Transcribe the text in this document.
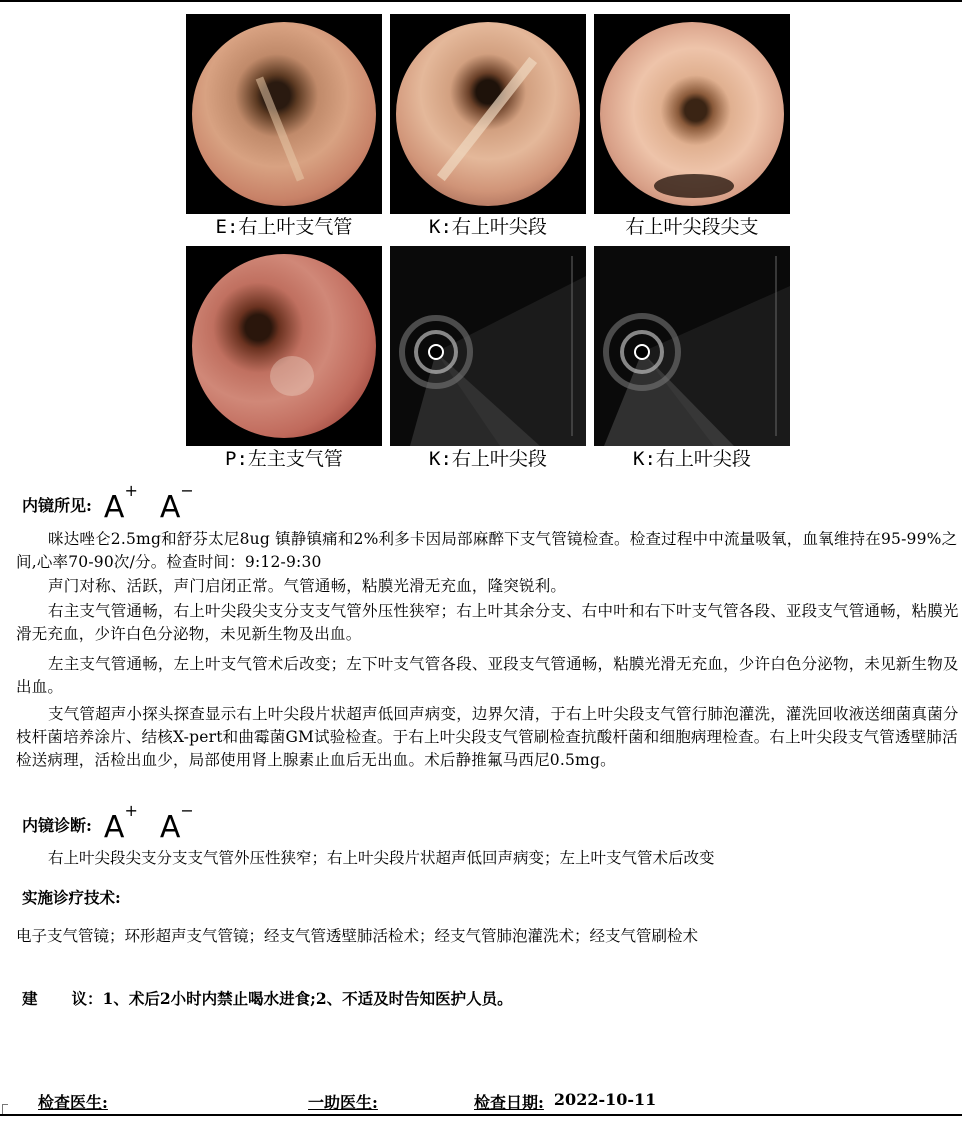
E:右上叶支气管	K:右上叶尖段	右上叶尖段尖支
P:左主支气管	K:右上叶尖段	K:右上叶尖段
内镜所见: A+ A−
咪达唑仑2.5mg和舒芬太尼8ug 镇静镇痛和2%利多卡因局部麻醉下支气管镜检查。检查过程中中流量吸氧，血氧维持在95-99%之间,心率70-90次/分。检查时间：9:12-9:30
声门对称、活跃，声门启闭正常。气管通畅，粘膜光滑无充血，隆突锐利。
右主支气管通畅，右上叶尖段尖支分支支气管外压性狭窄；右上叶其余分支、右中叶和右下叶支气管各段、亚段支气管通畅，粘膜光滑无充血，少许白色分泌物，未见新生物及出血。
左主支气管通畅，左上叶支气管术后改变；左下叶支气管各段、亚段支气管通畅，粘膜光滑无充血，少许白色分泌物，未见新生物及出血。
支气管超声小探头探查显示右上叶尖段片状超声低回声病变，边界欠清，于右上叶尖段支气管行肺泡灌洗，灌洗回收液送细菌真菌分枝杆菌培养涂片、结核X-pert和曲霉菌GM试验检查。于右上叶尖段支气管刷检查抗酸杆菌和细胞病理检查。右上叶尖段支气管透壁肺活检送病理，活检出血少，局部使用肾上腺素止血后无出血。术后静推氟马西尼0.5mg。
内镜诊断: A+ A−
右上叶尖段尖支分支支气管外压性狭窄；右上叶尖段片状超声低回声病变；左上叶支气管术后改变
实施诊疗技术:
电子支气管镜；环形超声支气管镜；经支气管透壁肺活检术；经支气管肺泡灌洗术；经支气管刷检术
建 议：1、术后2小时内禁止喝水进食;2、不适及时告知医护人员。
检查医生:	一助医生:	检查日期: 2022-10-11
